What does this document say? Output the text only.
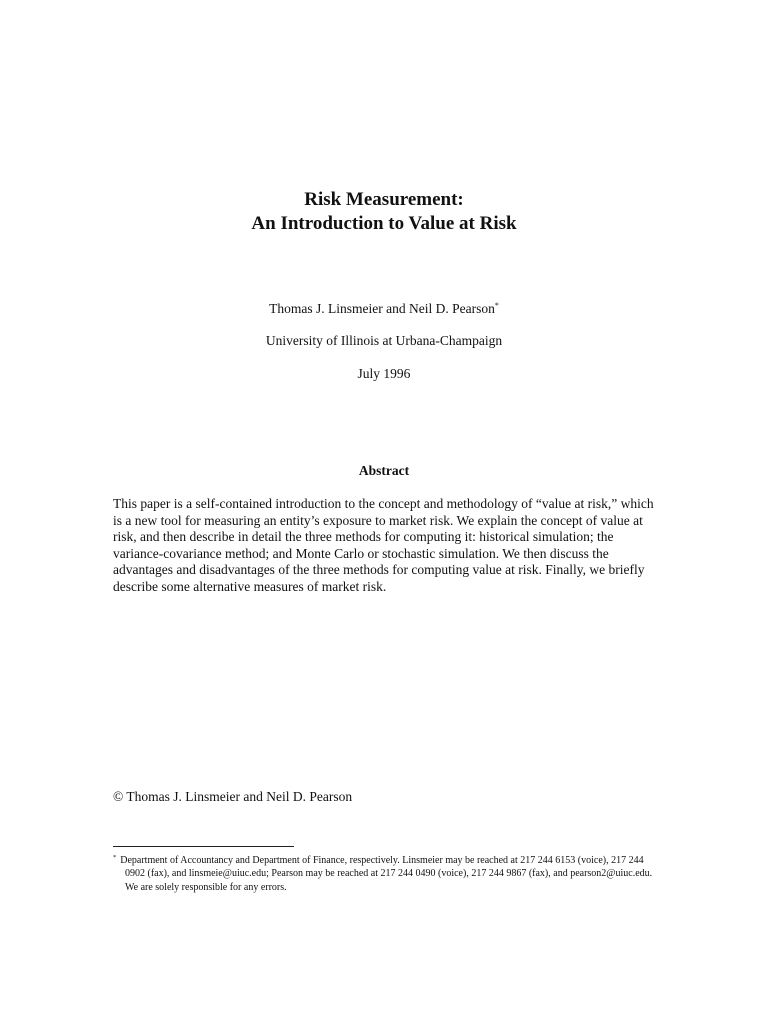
Risk Measurement:
An Introduction to Value at Risk
Thomas J. Linsmeier and Neil D. Pearson*
University of Illinois at Urbana-Champaign
July 1996
Abstract
This paper is a self-contained introduction to the concept and methodology of “value at risk,” which is a new tool for measuring an entity’s exposure to market risk. We explain the concept of value at risk, and then describe in detail the three methods for computing it: historical simulation; the variance-covariance method; and Monte Carlo or stochastic simulation. We then discuss the advantages and disadvantages of the three methods for computing value at risk. Finally, we briefly describe some alternative measures of market risk.
© Thomas J. Linsmeier and Neil D. Pearson
* Department of Accountancy and Department of Finance, respectively. Linsmeier may be reached at 217 244 6153 (voice), 217 244 0902 (fax), and linsmeie@uiuc.edu; Pearson may be reached at 217 244 0490 (voice), 217 244 9867 (fax), and pearson2@uiuc.edu. We are solely responsible for any errors.
